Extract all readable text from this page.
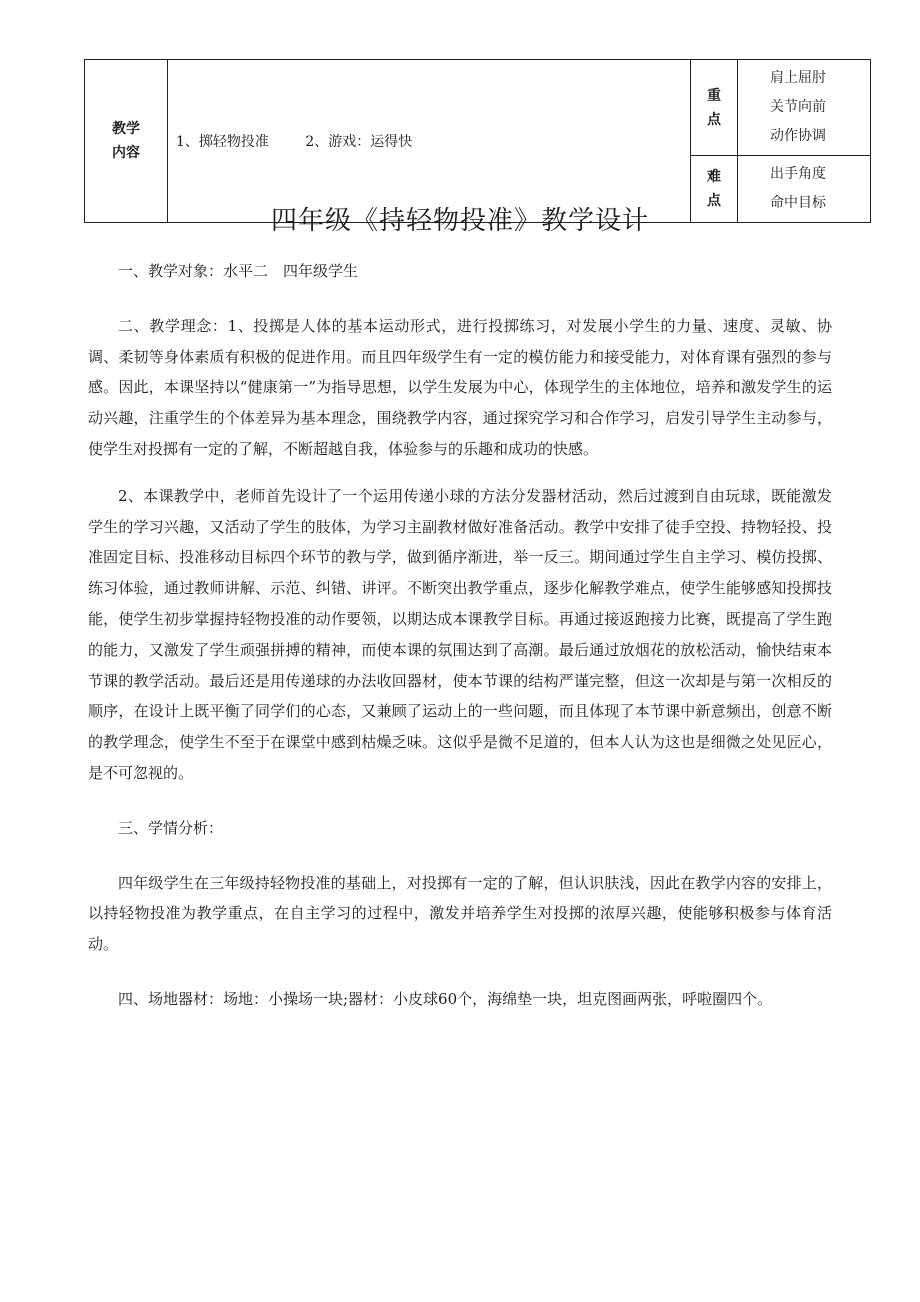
教学内容	1、掷轻物投准 2、游戏：运得快	重点	肩上屈肘
关节向前
动作协调

		难点	出手角度
命中目标
四年级《持轻物投准》教学设计

一、教学对象：水平二　四年级学生

二、教学理念：1、投掷是人体的基本运动形式，进行投掷练习，对发展小学生的力量、速度、灵敏、协调、柔韧等身体素质有积极的促进作用。而且四年级学生有一定的模仿能力和接受能力，对体育课有强烈的参与感。因此，本课坚持以“健康第一”为指导思想，以学生发展为中心，体现学生的主体地位，培养和激发学生的运动兴趣，注重学生的个体差异为基本理念，围绕教学内容，通过探究学习和合作学习，启发引导学生主动参与，使学生对投掷有一定的了解，不断超越自我，体验参与的乐趣和成功的快感。

2、本课教学中，老师首先设计了一个运用传递小球的方法分发器材活动，然后过渡到自由玩球，既能激发学生的学习兴趣，又活动了学生的肢体，为学习主副教材做好准备活动。教学中安排了徒手空投、持物轻投、投准固定目标、投准移动目标四个环节的教与学，做到循序渐进，举一反三。期间通过学生自主学习、模仿投掷、练习体验，通过教师讲解、示范、纠错、讲评。不断突出教学重点，逐步化解教学难点，使学生能够感知投掷技能，使学生初步掌握持轻物投准的动作要领，以期达成本课教学目标。再通过接返跑接力比赛，既提高了学生跑的能力，又激发了学生顽强拼搏的精神，而使本课的氛围达到了高潮。最后通过放烟花的放松活动，愉快结束本节课的教学活动。最后还是用传递球的办法收回器材，使本节课的结构严谨完整，但这一次却是与第一次相反的顺序，在设计上既平衡了同学们的心态，又兼顾了运动上的一些问题，而且体现了本节课中新意频出，创意不断的教学理念，使学生不至于在课堂中感到枯燥乏味。这似乎是微不足道的，但本人认为这也是细微之处见匠心，是不可忽视的。

三、学情分析：

四年级学生在三年级持轻物投准的基础上，对投掷有一定的了解，但认识肤浅，因此在教学内容的安排上，以持轻物投准为教学重点，在自主学习的过程中，激发并培养学生对投掷的浓厚兴趣，使能够积极参与体育活动。

四、场地器材：场地：小操场一块;器材：小皮球60个，海绵垫一块，坦克图画两张，呼啦圈四个。
